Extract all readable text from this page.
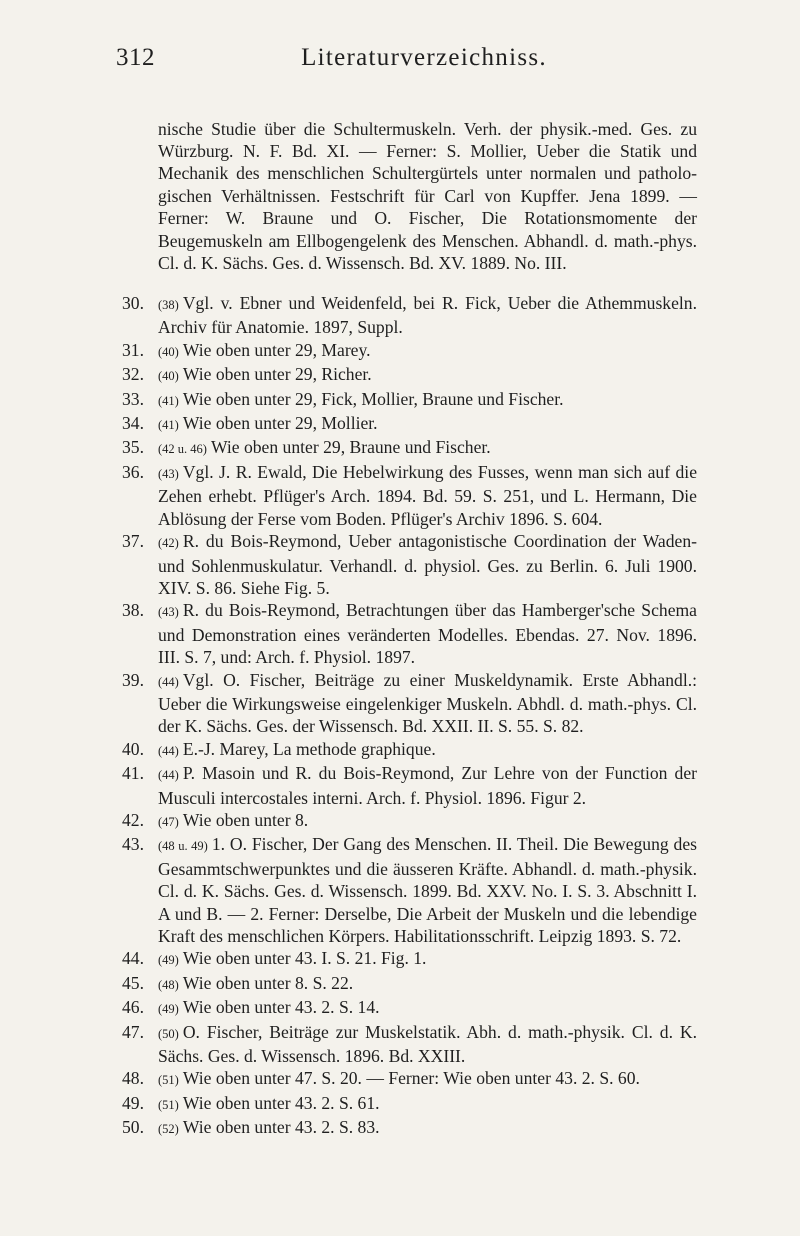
312	Literaturverzeichniss.

nische Studie über die Schultermuskeln. Verh. der physik.-med. Ges. zu Würzburg. N. F. Bd. XI. — Ferner: S. Mollier, Ueber die Statik und Mechanik des menschlichen Schultergürtels unter normalen und pathologischen Verhältnissen. Festschrift für Carl von Kupffer. Jena 1899. — Ferner: W. Braune und O. Fischer, Die Rotationsmomente der Beugemuskeln am Ellbogengelenk des Menschen. Abhandl. d. math.-phys. Cl. d. K. Sächs. Ges. d. Wissensch. Bd. XV. 1889. No. III.

30.	(38) Vgl. v. Ebner und Weidenfeld, bei R. Fick, Ueber die Athemmuskeln. Archiv für Anatomie. 1897, Suppl.
31.	(40) Wie oben unter 29, Marey.
32.	(40) Wie oben unter 29, Richer.
33.	(41) Wie oben unter 29, Fick, Mollier, Braune und Fischer.
34.	(41) Wie oben unter 29, Mollier.
35.	(42 u. 46) Wie oben unter 29, Braune und Fischer.
36.	(43) Vgl. J. R. Ewald, Die Hebelwirkung des Fusses, wenn man sich auf die Zehen erhebt. Pflüger's Arch. 1894. Bd. 59. S. 251, und L. Hermann, Die Ablösung der Ferse vom Boden. Pflüger's Archiv 1896. S. 604.
37.	(42) R. du Bois-Reymond, Ueber antagonistische Coordination der Waden- und Sohlenmuskulatur. Verhandl. d. physiol. Ges. zu Berlin. 6. Juli 1900. XIV. S. 86. Siehe Fig. 5.
38.	(43) R. du Bois-Reymond, Betrachtungen über das Hamberger'sche Schema und Demonstration eines veränderten Modelles. Ebendas. 27. Nov. 1896. III. S. 7, und: Arch. f. Physiol. 1897.
39.	(44) Vgl. O. Fischer, Beiträge zu einer Muskeldynamik. Erste Abhandl.: Ueber die Wirkungsweise eingelenkiger Muskeln. Abhdl. d. math.-phys. Cl. der K. Sächs. Ges. der Wissensch. Bd. XXII. II. S. 55. S. 82.
40.	(44) E.-J. Marey, La methode graphique.
41.	(44) P. Masoin und R. du Bois-Reymond, Zur Lehre von der Function der Musculi intercostales interni. Arch. f. Physiol. 1896. Figur 2.
42.	(47) Wie oben unter 8.
43.	(48 u. 49) 1. O. Fischer, Der Gang des Menschen. II. Theil. Die Bewegung des Gesammtschwerpunktes und die äusseren Kräfte. Abhandl. d. math.-physik. Cl. d. K. Sächs. Ges. d. Wissensch. 1899. Bd. XXV. No. I. S. 3. Abschnitt I. A und B. — 2. Ferner: Derselbe, Die Arbeit der Muskeln und die lebendige Kraft des menschlichen Körpers. Habilitationsschrift. Leipzig 1893. S. 72.
44.	(49) Wie oben unter 43. I. S. 21. Fig. 1.
45.	(48) Wie oben unter 8. S. 22.
46.	(49) Wie oben unter 43. 2. S. 14.
47.	(50) O. Fischer, Beiträge zur Muskelstatik. Abh. d. math.-physik. Cl. d. K. Sächs. Ges. d. Wissensch. 1896. Bd. XXIII.
48.	(51) Wie oben unter 47. S. 20. — Ferner: Wie oben unter 43. 2. S. 60.
49.	(51) Wie oben unter 43. 2. S. 61.
50.	(52) Wie oben unter 43. 2. S. 83.
